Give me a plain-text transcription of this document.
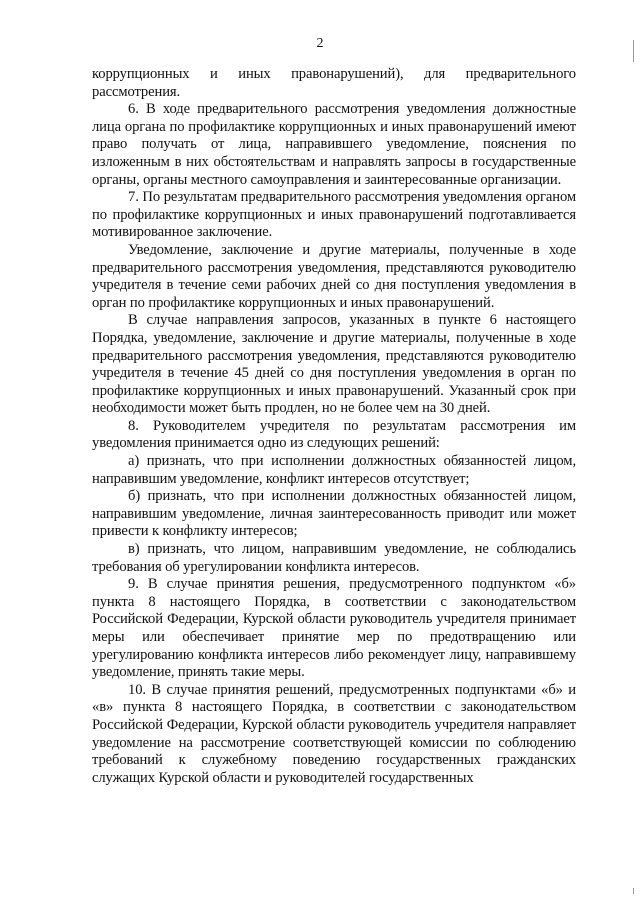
2

коррупционных и иных правонарушений), для предварительного рассмотрения.

6. В ходе предварительного рассмотрения уведомления должностные лица органа по профилактике коррупционных и иных правонарушений имеют право получать от лица, направившего уведомление, пояснения по изложенным в них обстоятельствам и направлять запросы в государственные органы, органы местного самоуправления и заинтересованные организации.

7. По результатам предварительного рассмотрения уведомления органом по профилактике коррупционных и иных правонарушений подготавливается мотивированное заключение.

Уведомление, заключение и другие материалы, полученные в ходе предварительного рассмотрения уведомления, представляются руководителю учредителя в течение семи рабочих дней со дня поступления уведомления в орган по профилактике коррупционных и иных правонарушений.

В случае направления запросов, указанных в пункте 6 настоящего Порядка, уведомление, заключение и другие материалы, полученные в ходе предварительного рассмотрения уведомления, представляются руководителю учредителя в течение 45 дней со дня поступления уведомления в орган по профилактике коррупционных и иных правонарушений. Указанный срок при необходимости может быть продлен, но не более чем на 30 дней.

8. Руководителем учредителя по результатам рассмотрения им уведомления принимается одно из следующих решений:

а) признать, что при исполнении должностных обязанностей лицом, направившим уведомление, конфликт интересов отсутствует;

б) признать, что при исполнении должностных обязанностей лицом, направившим уведомление, личная заинтересованность приводит или может привести к конфликту интересов;

в) признать, что лицом, направившим уведомление, не соблюдались требования об урегулировании конфликта интересов.

9. В случае принятия решения, предусмотренного подпунктом «б» пункта 8 настоящего Порядка, в соответствии с законодательством Российской Федерации, Курской области руководитель учредителя принимает меры или обеспечивает принятие мер по предотвращению или урегулированию конфликта интересов либо рекомендует лицу, направившему уведомление, принять такие меры.

10. В случае принятия решений, предусмотренных подпунктами «б» и «в» пункта 8 настоящего Порядка, в соответствии с законодательством Российской Федерации, Курской области руководитель учредителя направляет уведомление на рассмотрение соответствующей комиссии по соблюдению требований к служебному поведению государственных гражданских служащих Курской области и руководителей государственных
